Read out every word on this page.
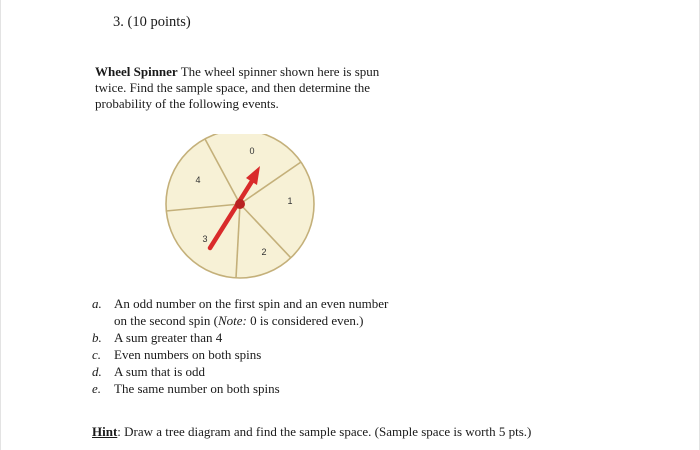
3. (10 points)
Wheel Spinner The wheel spinner shown here is spun twice. Find the sample space, and then determine the probability of the following events.
0
1
2
3
4
a. An odd number on the first spin and an even number
on the second spin (Note: 0 is considered even.)
b. A sum greater than 4
c. Even numbers on both spins
d. A sum that is odd
e. The same number on both spins
Hint: Draw a tree diagram and find the sample space. (Sample space is worth 5 pts.)
